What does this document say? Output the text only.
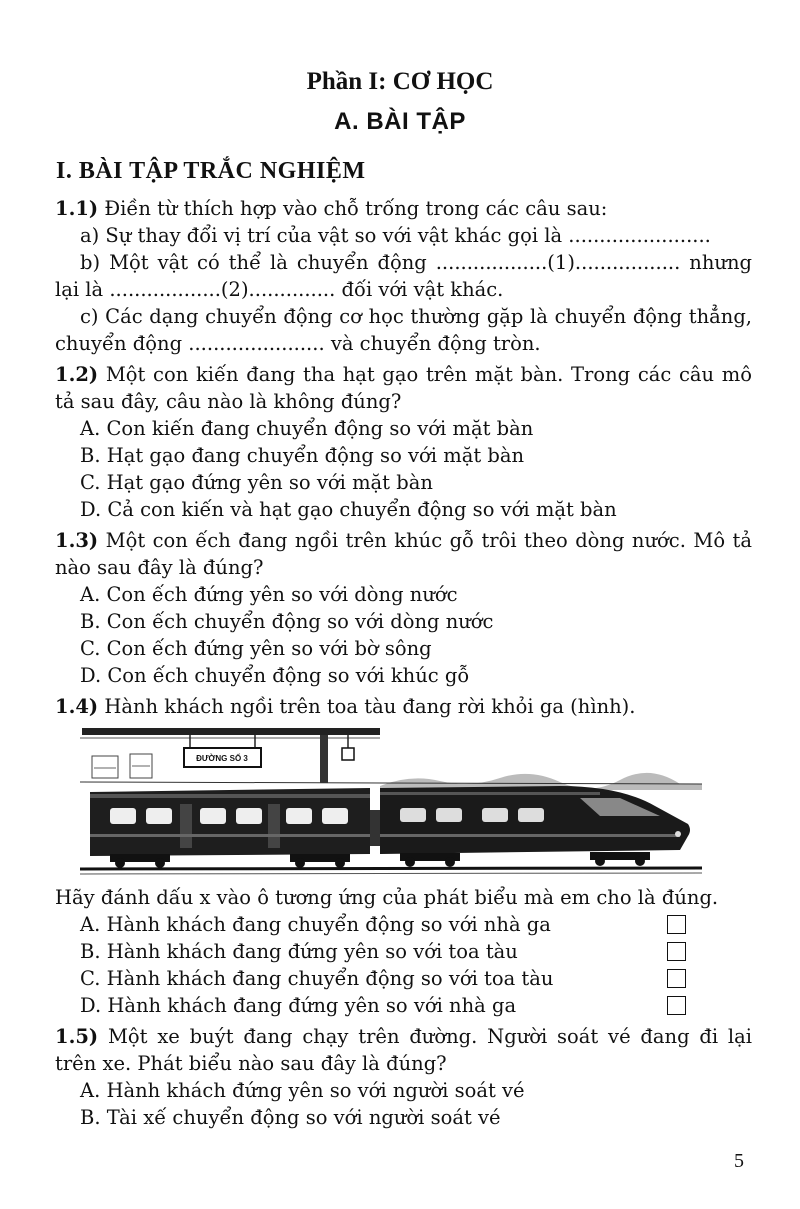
Phần I: CƠ HỌC
A. BÀI TẬP
I. BÀI TẬP TRẮC NGHIỆM
1.1) Điền từ thích hợp vào chỗ trống trong các câu sau:
a) Sự thay đổi vị trí của vật so với vật khác gọi là .......................
b) Một vật có thể là chuyển động ..................(1)................. nhưng lại là ..................(2).............. đối với vật khác.
c) Các dạng chuyển động cơ học thường gặp là chuyển động thẳng, chuyển động ...................... và chuyển động tròn.
1.2) Một con kiến đang tha hạt gạo trên mặt bàn. Trong các câu mô tả sau đây, câu nào là không đúng?
A. Con kiến đang chuyển động so với mặt bàn
B. Hạt gạo đang chuyển động so với mặt bàn
C. Hạt gạo đứng yên so với mặt bàn
D. Cả con kiến và hạt gạo chuyển động so với mặt bàn
1.3) Một con ếch đang ngồi trên khúc gỗ trôi theo dòng nước. Mô tả nào sau đây là đúng?
A. Con ếch đứng yên so với dòng nước
B. Con ếch chuyển động so với dòng nước
C. Con ếch đứng yên so với bờ sông
D. Con ếch chuyển động so với khúc gỗ
1.4) Hành khách ngồi trên toa tàu đang rời khỏi ga (hình).
ĐƯỜNG SỐ 3
Hãy đánh dấu x vào ô tương ứng của phát biểu mà em cho là đúng.
A. Hành khách đang chuyển động so với nhà ga
B. Hành khách đang đứng yên so với toa tàu
C. Hành khách đang chuyển động so với toa tàu
D. Hành khách đang đứng yên so với nhà ga
1.5) Một xe buýt đang chạy trên đường. Người soát vé đang đi lại trên xe. Phát biểu nào sau đây là đúng?
A. Hành khách đứng yên so với người soát vé
B. Tài xế chuyển động so với người soát vé
5
